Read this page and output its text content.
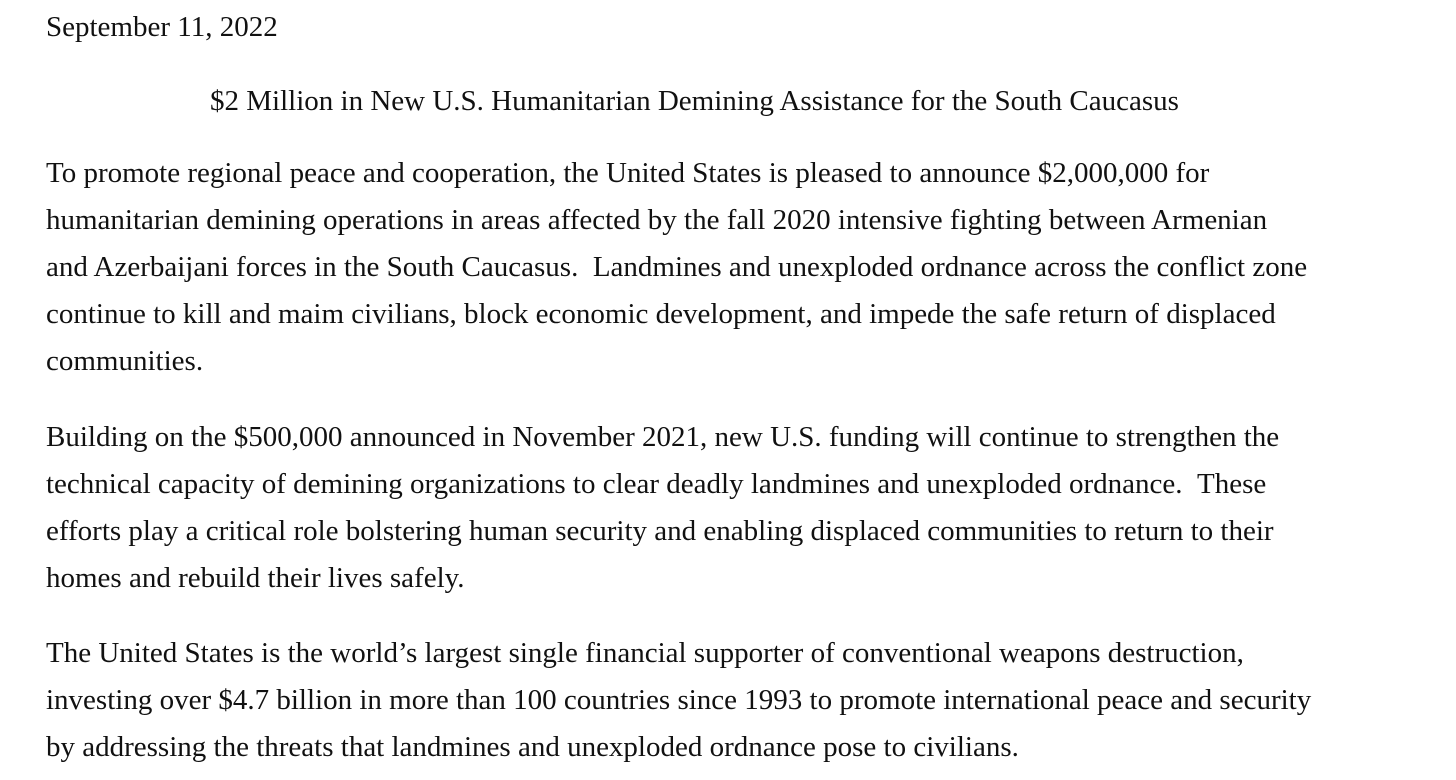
September 11, 2022
$2 Million in New U.S. Humanitarian Demining Assistance for the South Caucasus
To promote regional peace and cooperation, the United States is pleased to announce $2,000,000 for
humanitarian demining operations in areas affected by the fall 2020 intensive fighting between Armenian
and Azerbaijani forces in the South Caucasus.  Landmines and unexploded ordnance across the conflict zone
continue to kill and maim civilians, block economic development, and impede the safe return of displaced
communities.
Building on the $500,000 announced in November 2021, new U.S. funding will continue to strengthen the
technical capacity of demining organizations to clear deadly landmines and unexploded ordnance.  These
efforts play a critical role bolstering human security and enabling displaced communities to return to their
homes and rebuild their lives safely.
The United States is the world’s largest single financial supporter of conventional weapons destruction,
investing over $4.7 billion in more than 100 countries since 1993 to promote international peace and security
by addressing the threats that landmines and unexploded ordnance pose to civilians.
